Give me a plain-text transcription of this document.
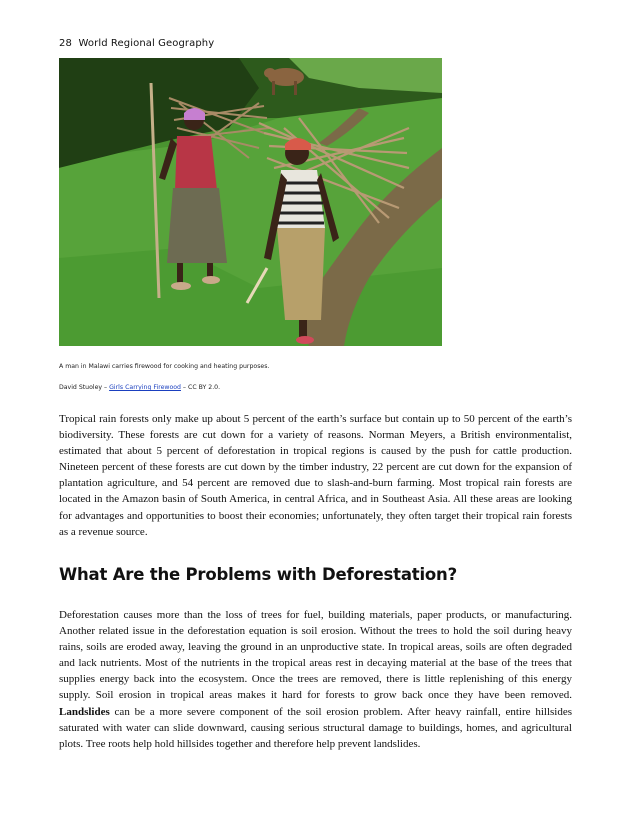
28 World Regional Geography
A man in Malawi carries firewood for cooking and heating purposes.
David Stuoley – Girls Carrying Firewood – CC BY 2.0.

Tropical rain forests only make up about 5 percent of the earth’s surface but contain up to 50 percent of the earth’s biodiversity. These forests are cut down for a variety of reasons. Norman Meyers, a British environmentalist, estimated that about 5 percent of deforestation in tropical regions is caused by the push for cattle production. Nineteen percent of these forests are cut down by the timber industry, 22 percent are cut down for the expansion of plantation agriculture, and 54 percent are removed due to slash-and-burn farming. Most tropical rain forests are located in the Amazon basin of South America, in central Africa, and in Southeast Asia. All these areas are looking for advantages and opportunities to boost their economies; unfortunately, they often target their tropical rain forests as a revenue source.

What Are the Problems with Deforestation?

Deforestation causes more than the loss of trees for fuel, building materials, paper products, or manufacturing. Another related issue in the deforestation equation is soil erosion. Without the trees to hold the soil during heavy rains, soils are eroded away, leaving the ground in an unproductive state. In tropical areas, soils are often degraded and lack nutrients. Most of the nutrients in the tropical areas rest in decaying material at the base of the trees that supplies energy back into the ecosystem. Once the trees are removed, there is little replenishing of this energy supply. Soil erosion in tropical areas makes it hard for forests to grow back once they have been removed. Landslides can be a more severe component of the soil erosion problem. After heavy rainfall, entire hillsides saturated with water can slide downward, causing serious structural damage to buildings, homes, and agricultural plots. Tree roots help hold hillsides together and therefore help prevent landslides.
